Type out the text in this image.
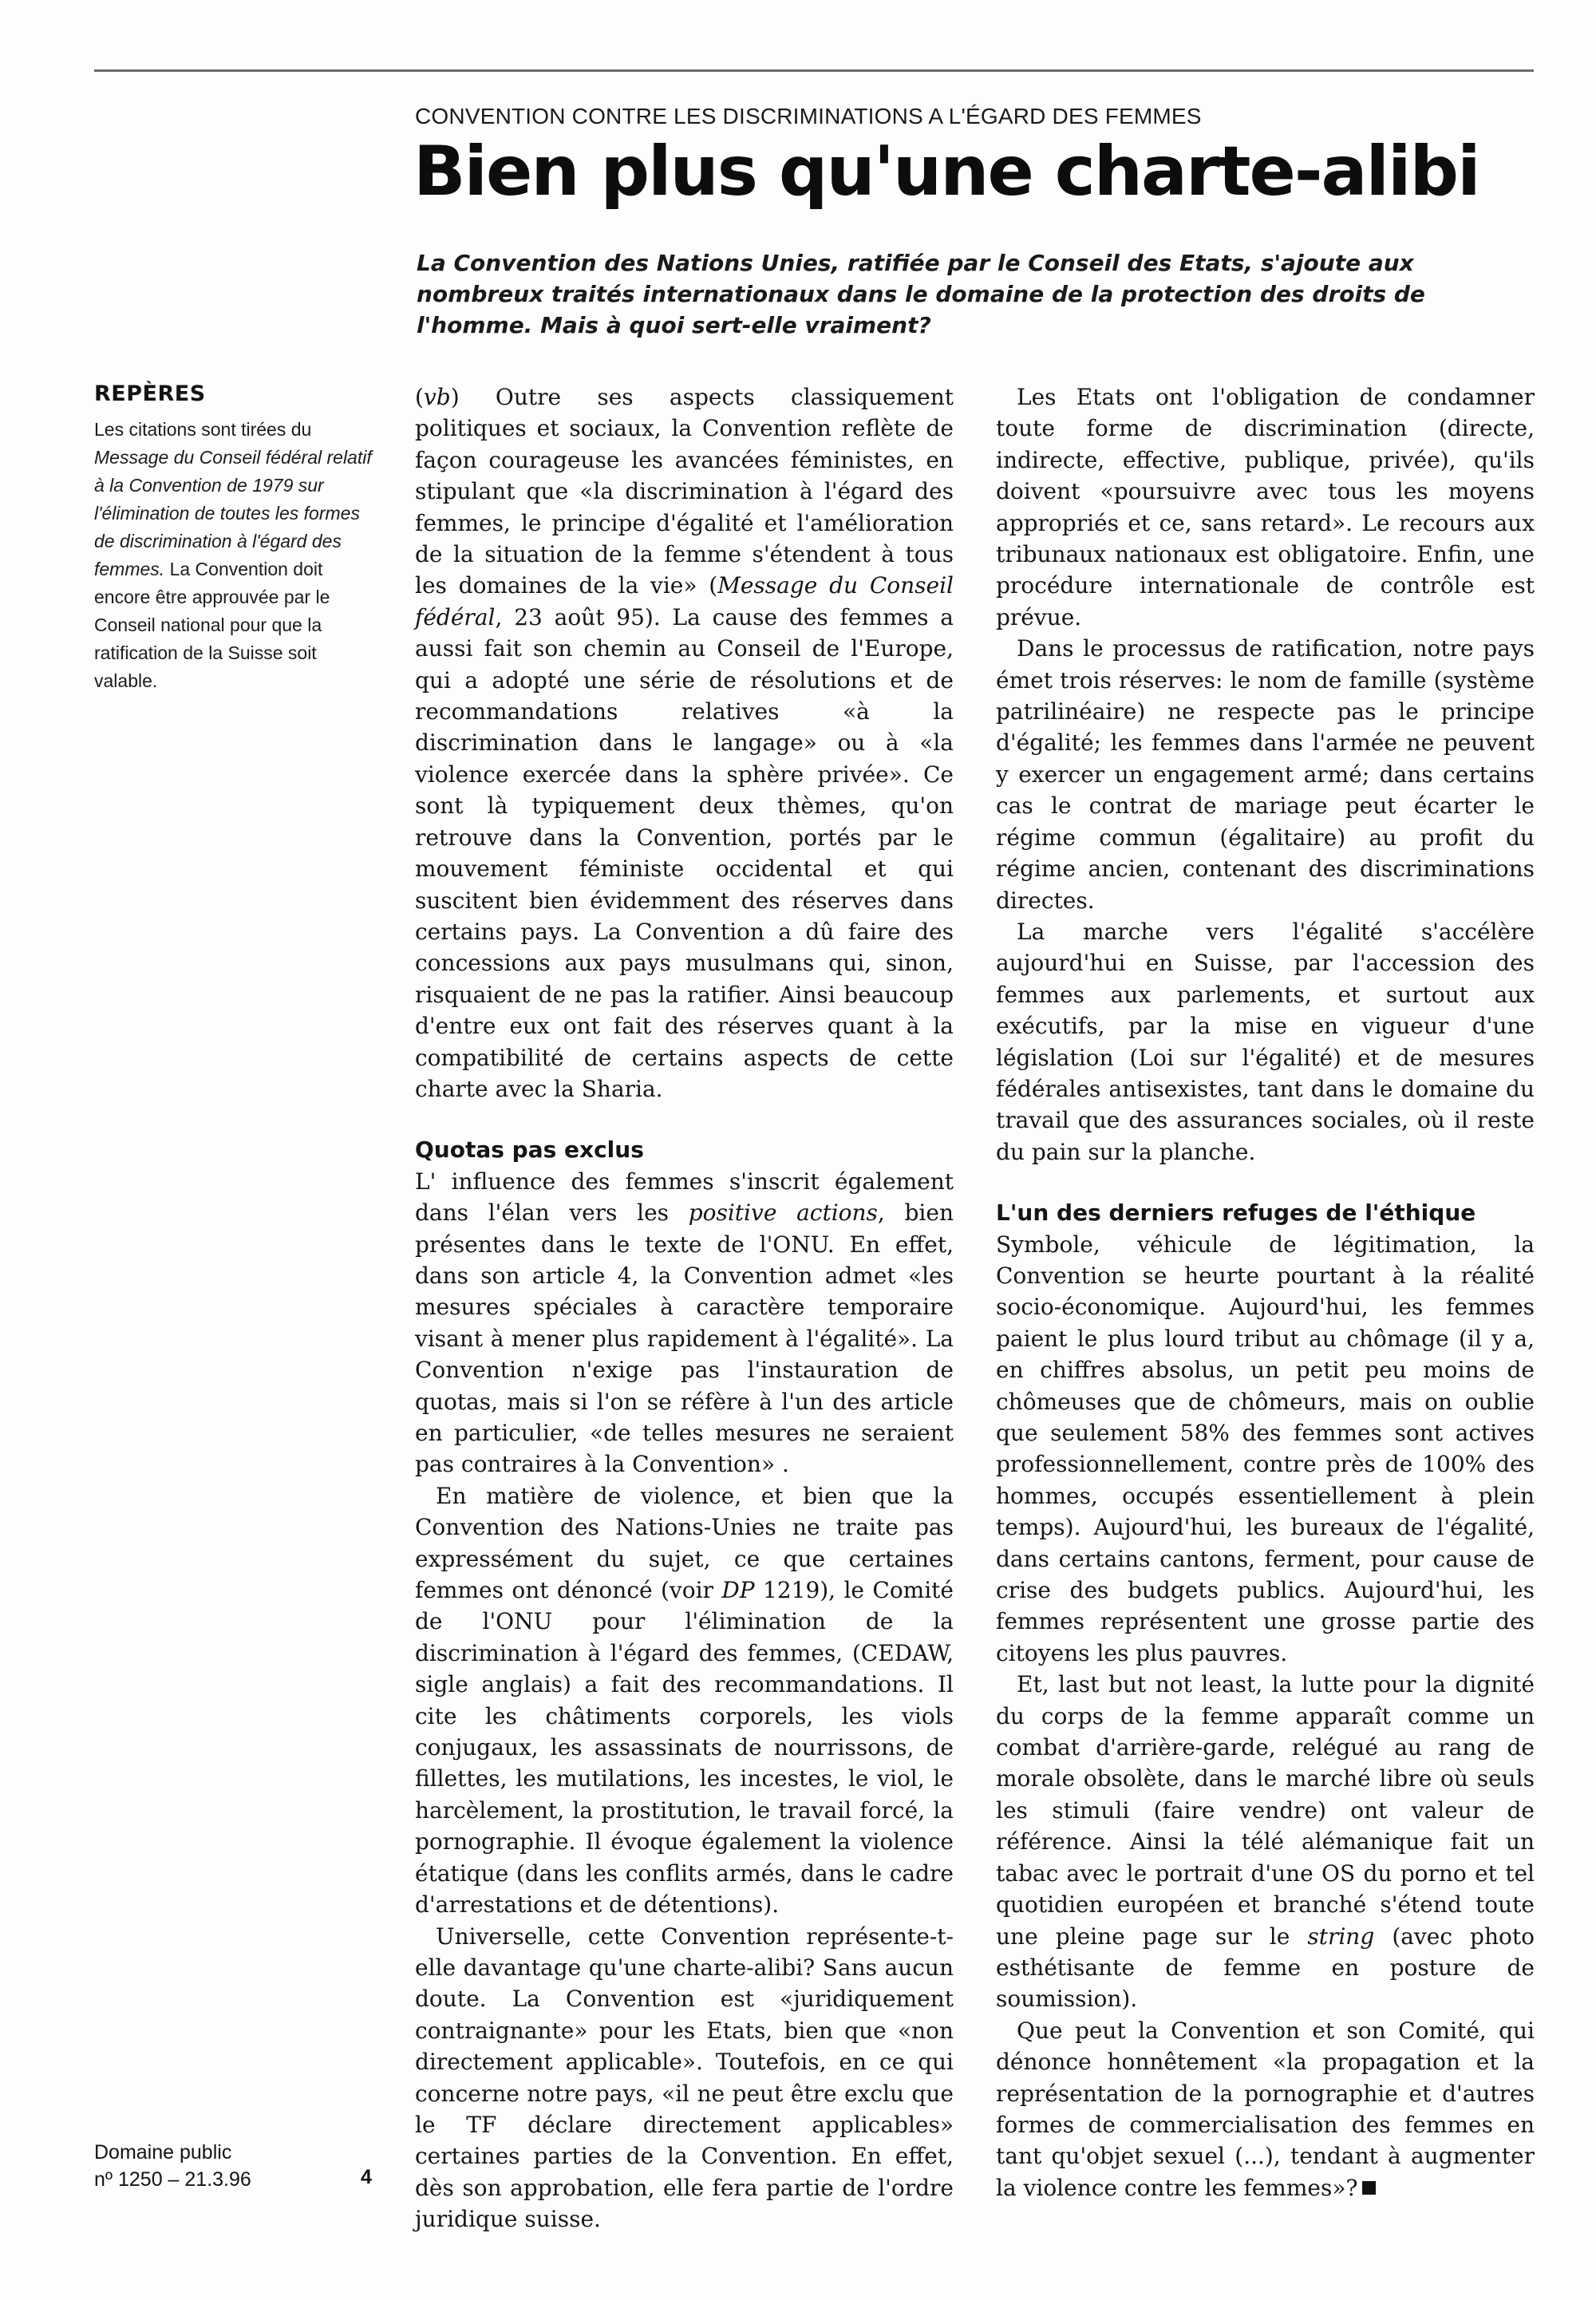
CONVENTION CONTRE LES DISCRIMINATIONS A L'ÉGARD DES FEMMES
Bien plus qu'une charte-alibi
La Convention des Nations Unies, ratifiée par le Conseil des Etats, s'ajoute aux nombreux traités internationaux dans le domaine de la protection des droits de l'homme. Mais à quoi sert-elle vraiment?
REPÈRES
Les citations sont tirées du Message du Conseil fédéral relatif à la Convention de 1979 sur l'élimination de toutes les formes de discrimination à l'égard des femmes. La Convention doit encore être approuvée par le Conseil national pour que la ratification de la Suisse soit valable.
Domaine public
nº 1250 – 21.3.96	4

(vb) Outre ses aspects classiquement politiques et sociaux, la Convention reflète de façon courageuse les avancées féministes, en stipulant que «la discrimination à l'égard des femmes, le principe d'égalité et l'amélioration de la situation de la femme s'étendent à tous les domaines de la vie» (Message du Conseil fédéral, 23 août 95). La cause des femmes a aussi fait son chemin au Conseil de l'Europe, qui a adopté une série de résolutions et de recommandations relatives «à la discrimination dans le langage» ou à «la violence exercée dans la sphère privée». Ce sont là typiquement deux thèmes, qu'on retrouve dans la Convention, portés par le mouvement féministe occidental et qui suscitent bien évidemment des réserves dans certains pays. La Convention a dû faire des concessions aux pays musulmans qui, sinon, risquaient de ne pas la ratifier. Ainsi beaucoup d'entre eux ont fait des réserves quant à la compatibilité de certains aspects de cette charte avec la Sharia.

Quotas pas exclus

L' influence des femmes s'inscrit également dans l'élan vers les positive actions, bien présentes dans le texte de l'ONU. En effet, dans son article 4, la Convention admet «les mesures spéciales à caractère temporaire visant à mener plus rapidement à l'égalité». La Convention n'exige pas l'instauration de quotas, mais si l'on se réfère à l'un des article en particulier, «de telles mesures ne seraient pas contraires à la Convention» .

En matière de violence, et bien que la Convention des Nations-Unies ne traite pas expressément du sujet, ce que certaines femmes ont dénoncé (voir DP 1219), le Comité de l'ONU pour l'élimination de la discrimination à l'égard des femmes, (CEDAW, sigle anglais) a fait des recommandations. Il cite les châtiments corporels, les viols conjugaux, les assassinats de nourrissons, de fillettes, les mutilations, les incestes, le viol, le harcèlement, la prostitution, le travail forcé, la pornographie. Il évoque également la violence étatique (dans les conflits armés, dans le cadre d'arrestations et de détentions).

Universelle, cette Convention représente-t-elle davantage qu'une charte-alibi? Sans aucun doute. La Convention est «juridiquement contraignante» pour les Etats, bien que «non directement applicable». Toutefois, en ce qui concerne notre pays, «il ne peut être exclu que le TF déclare directement applicables» certaines parties de la Convention. En effet, dès son approbation, elle fera partie de l'ordre juridique suisse.

Les Etats ont l'obligation de condamner toute forme de discrimination (directe, indirecte, effective, publique, privée), qu'ils doivent «poursuivre avec tous les moyens appropriés et ce, sans retard». Le recours aux tribunaux nationaux est obligatoire. Enfin, une procédure internationale de contrôle est prévue.

Dans le processus de ratification, notre pays émet trois réserves: le nom de famille (système patrilinéaire) ne respecte pas le principe d'égalité; les femmes dans l'armée ne peuvent y exercer un engagement armé; dans certains cas le contrat de mariage peut écarter le régime commun (égalitaire) au profit du régime ancien, contenant des discriminations directes.

La marche vers l'égalité s'accélère aujourd'hui en Suisse, par l'accession des femmes aux parlements, et surtout aux exécutifs, par la mise en vigueur d'une législation (Loi sur l'égalité) et de mesures fédérales antisexistes, tant dans le domaine du travail que des assurances sociales, où il reste du pain sur la planche.

L'un des derniers refuges de l'éthique

Symbole, véhicule de légitimation, la Convention se heurte pourtant à la réalité socio-économique. Aujourd'hui, les femmes paient le plus lourd tribut au chômage (il y a, en chiffres absolus, un petit peu moins de chômeuses que de chômeurs, mais on oublie que seulement 58% des femmes sont actives professionnellement, contre près de 100% des hommes, occupés essentiellement à plein temps). Aujourd'hui, les bureaux de l'égalité, dans certains cantons, ferment, pour cause de crise des budgets publics. Aujourd'hui, les femmes représentent une grosse partie des citoyens les plus pauvres.

Et, last but not least, la lutte pour la dignité du corps de la femme apparaît comme un combat d'arrière-garde, relégué au rang de morale obsolète, dans le marché libre où seuls les stimuli (faire vendre) ont valeur de référence. Ainsi la télé alémanique fait un tabac avec le portrait d'une OS du porno et tel quotidien européen et branché s'étend toute une pleine page sur le string (avec photo esthétisante de femme en posture de soumission).

Que peut la Convention et son Comité, qui dénonce honnêtement «la propagation et la représentation de la pornographie et d'autres formes de commercialisation des femmes en tant qu'objet sexuel (...), tendant à augmenter la violence contre les femmes»?
